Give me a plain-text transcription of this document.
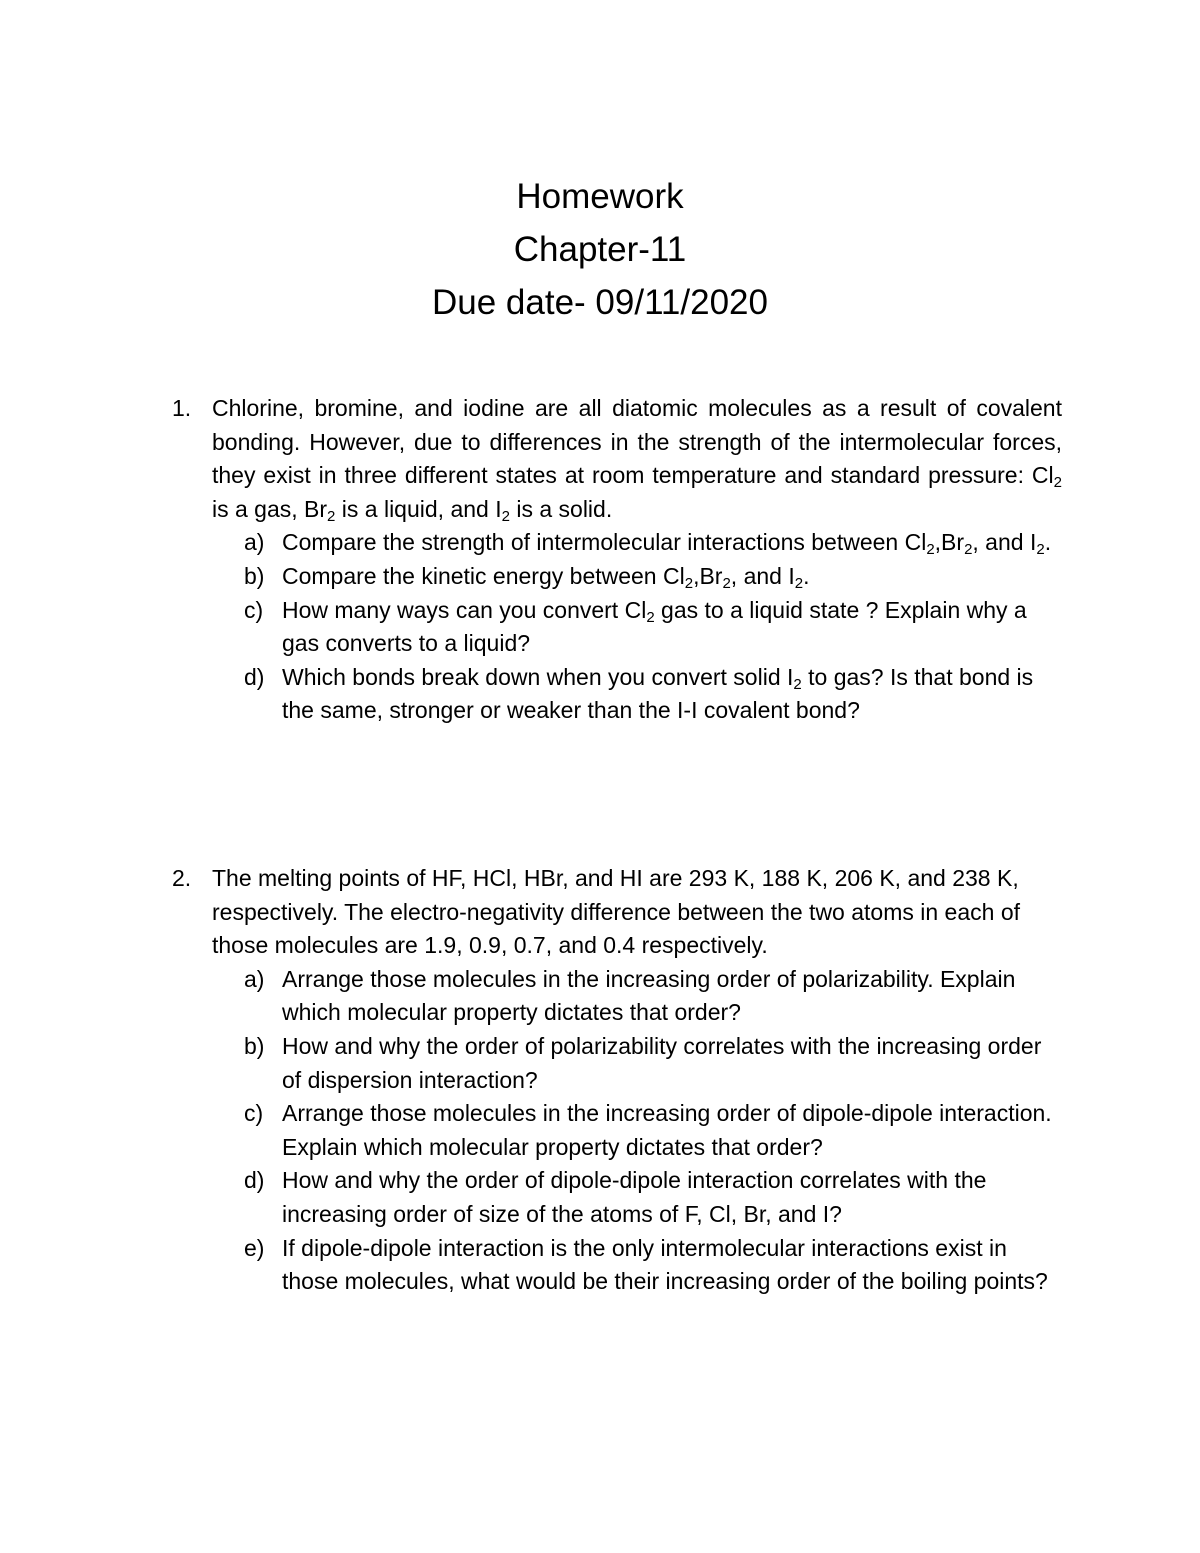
Homework
Chapter-11
Due date- 09/11/2020
1. Chlorine, bromine, and iodine are all diatomic molecules as a result of covalent bonding. However, due to differences in the strength of the intermolecular forces, they exist in three different states at room temperature and standard pressure: $Cl_2$ is a gas, $Br_2$ is a liquid, and $I_2$ is a solid.
a) Compare the strength of intermolecular interactions between $Cl_2,Br_2$, and $I_2$.
b) Compare the kinetic energy between $Cl_2,Br_2$, and $I_2$.
c) How many ways can you convert $Cl_2$ gas to a liquid state ? Explain why a gas converts to a liquid?
d) Which bonds break down when you convert solid $I_2$ to gas? Is that bond is the same, stronger or weaker than the I-I covalent bond?
2. The melting points of HF, HCl, HBr, and HI are 293 K, 188 K, 206 K, and 238 K, respectively. The electro-negativity difference between the two atoms in each of those molecules are 1.9, 0.9, 0.7, and 0.4 respectively.
a) Arrange those molecules in the increasing order of polarizability. Explain which molecular property dictates that order?
b) How and why the order of polarizability correlates with the increasing order of dispersion interaction?
c) Arrange those molecules in the increasing order of dipole-dipole interaction. Explain which molecular property dictates that order?
d) How and why the order of dipole-dipole interaction correlates with the increasing order of size of the atoms of F, Cl, Br, and I?
e) If dipole-dipole interaction is the only intermolecular interactions exist in those molecules, what would be their increasing order of the boiling points?
